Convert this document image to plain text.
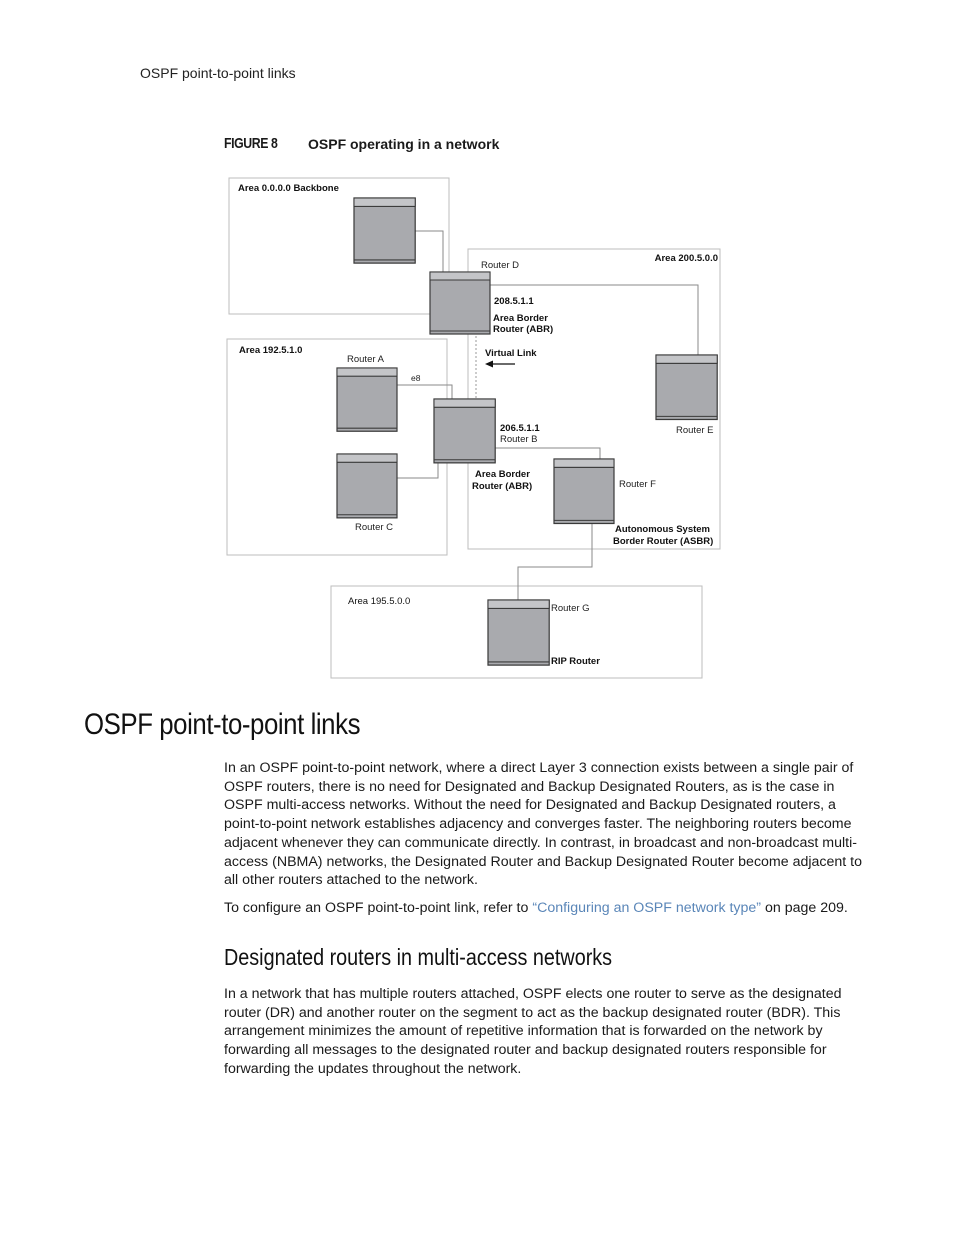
OSPF point-to-point links
FIGURE 8 OSPF operating in a network
Area 0.0.0.0 Backbone
Area 200.5.0.0
Area 192.5.1.0
Area 195.5.0.0
Router D
208.5.1.1
Area Border
Router (ABR)
Virtual Link
Router A
e8
206.5.1.1
Router B
Router E
Area Border
Router (ABR)	Router F
Autonomous System
Border Router (ASBR)
Router C
Router G
RIP Router
OSPF point-to-point links

In an OSPF point-to-point network, where a direct Layer 3 connection exists between a single pair of OSPF routers, there is no need for Designated and Backup Designated Routers, as is the case in OSPF multi-access networks. Without the need for Designated and Backup Designated routers, a point-to-point network establishes adjacency and converges faster. The neighboring routers become adjacent whenever they can communicate directly. In contrast, in broadcast and non-broadcast multi-access (NBMA) networks, the Designated Router and Backup Designated Router become adjacent to all other routers attached to the network.

To configure an OSPF point-to-point link, refer to “Configuring an OSPF network type” on page 209.

Designated routers in multi-access networks

In a network that has multiple routers attached, OSPF elects one router to serve as the designated router (DR) and another router on the segment to act as the backup designated router (BDR). This arrangement minimizes the amount of repetitive information that is forwarded on the network by forwarding all messages to the designated router and backup designated routers responsible for forwarding the updates throughout the network.
